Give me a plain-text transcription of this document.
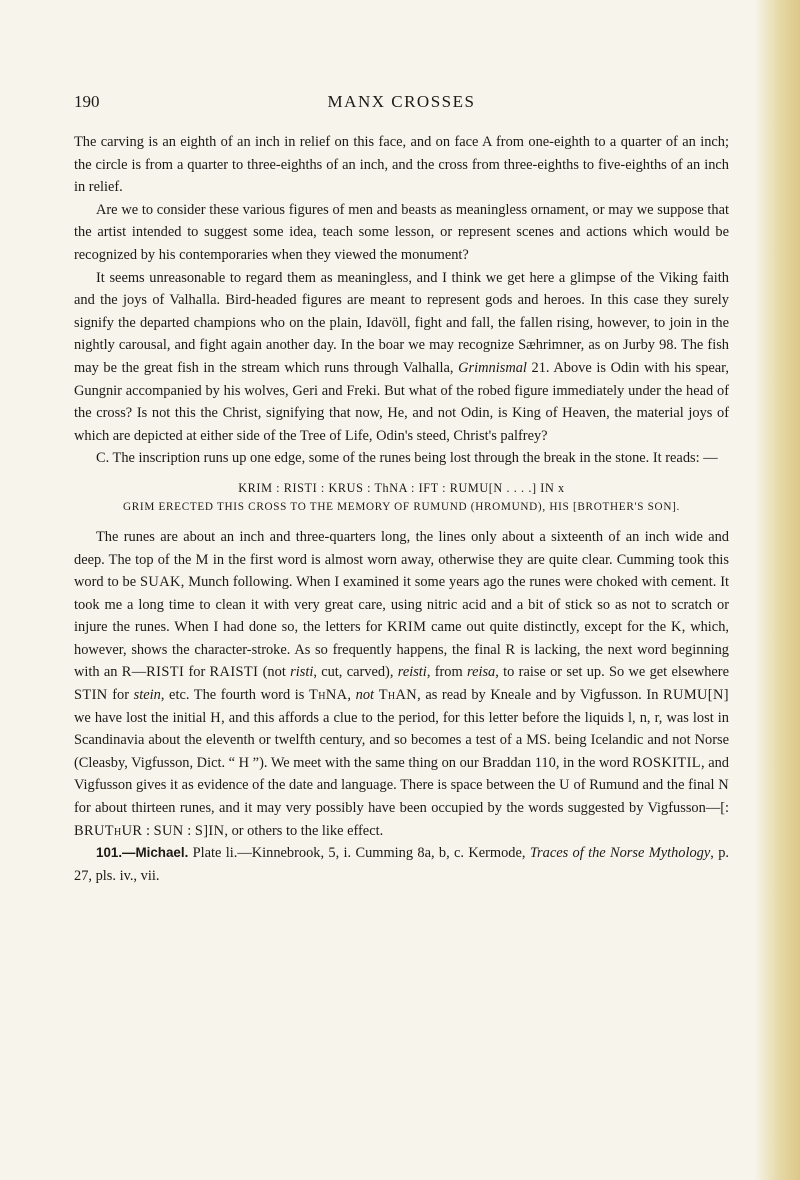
190	MANX CROSSES

The carving is an eighth of an inch in relief on this face, and on face A from one-eighth to a quarter of an inch; the circle is from a quarter to three-eighths of an inch, and the cross from three-eighths to five-eighths of an inch in relief.

Are we to consider these various figures of men and beasts as meaningless ornament, or may we suppose that the artist intended to suggest some idea, teach some lesson, or represent scenes and actions which would be recognized by his contemporaries when they viewed the monument?

It seems unreasonable to regard them as meaningless, and I think we get here a glimpse of the Viking faith and the joys of Valhalla. Bird-headed figures are meant to represent gods and heroes. In this case they surely signify the departed champions who on the plain, Idavöll, fight and fall, the fallen rising, however, to join in the nightly carousal, and fight again another day. In the boar we may recognize Sæhrimner, as on Jurby 98. The fish may be the great fish in the stream which runs through Valhalla, Grimnismal 21. Above is Odin with his spear, Gungnir accompanied by his wolves, Geri and Freki. But what of the robed figure immediately under the head of the cross? Is not this the Christ, signifying that now, He, and not Odin, is King of Heaven, the material joys of which are depicted at either side of the Tree of Life, Odin's steed, Christ's palfrey?

C. The inscription runs up one edge, some of the runes being lost through the break in the stone. It reads: —

KRIM : RISTI : KRUS : ThNA : IFT : RUMU[N . . . .] IN x
GRIM ERECTED THIS CROSS TO THE MEMORY OF RUMUND (HROMUND), HIS [BROTHER'S SON].

The runes are about an inch and three-quarters long, the lines only about a sixteenth of an inch wide and deep. The top of the M in the first word is almost worn away, otherwise they are quite clear. Cumming took this word to be SUAK, Munch following. When I examined it some years ago the runes were choked with cement. It took me a long time to clean it with very great care, using nitric acid and a bit of stick so as not to scratch or injure the runes. When I had done so, the letters for KRIM came out quite distinctly, except for the K, which, however, shows the character-stroke. As so frequently happens, the final R is lacking, the next word beginning with an R—RISTI for RAISTI (not risti, cut, carved), reisti, from reisa, to raise or set up. So we get elsewhere STIN for stein, etc. The fourth word is ThNA, not ThAN, as read by Kneale and by Vigfusson. In RUMU[N] we have lost the initial H, and this affords a clue to the period, for this letter before the liquids l, n, r, was lost in Scandinavia about the eleventh or twelfth century, and so becomes a test of a MS. being Icelandic and not Norse (Cleasby, Vigfusson, Dict. “ H ”). We meet with the same thing on our Braddan 110, in the word ROSKITIL, and Vigfusson gives it as evidence of the date and language. There is space between the U of Rumund and the final N for about thirteen runes, and it may very possibly have been occupied by the words suggested by Vigfusson—[: BRUThUR : SUN : S]IN, or others to the like effect.

101.—Michael. Plate li.—Kinnebrook, 5, i. Cumming 8a, b, c. Kermode, Traces of the Norse Mythology, p. 27, pls. iv., vii.
